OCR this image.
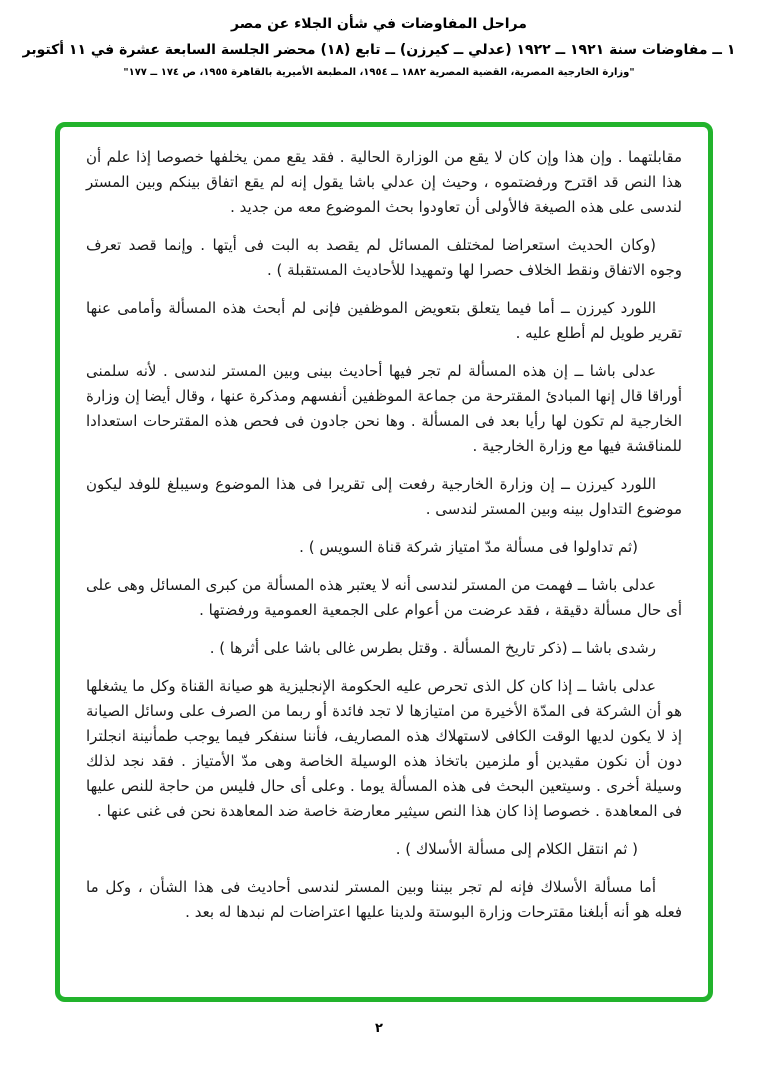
مراحل المفاوضات في شأن الجلاء عن مصر
١ ــ مفاوضات سنة ١٩٢١ ــ ١٩٢٢ (عدلي ــ كيرزن) ــ تابع (١٨) محضر الجلسة السابعة عشرة في ١١ أكتوبر
"وزارة الخارجية المصرية، القضية المصرية ١٨٨٢ ــ ١٩٥٤، المطبعة الأميرية بالقاهرة ١٩٥٥، ص ١٧٤ ــ ١٧٧"

مقابلتهما . وإن هذا وإن كان لا يقع من الوزارة الحالية . فقد يقع ممن يخلفها خصوصا إذا علم أن هذا النص قد اقترح ورفضتموه ، وحيث إن عدلي باشا يقول إنه لم يقع اتفاق بينكم وبين المستر لندسى على هذه الصيغة فالأولى أن تعاودوا بحث الموضوع معه من جديد .

(وكان الحديث استعراضا لمختلف المسائل لم يقصد به البت فى أيتها . وإنما قصد تعرف وجوه الاتفاق ونقط الخلاف حصرا لها وتمهيدا للأحاديث المستقبلة ) .

اللورد كيرزن ــ أما فيما يتعلق بتعويض الموظفين فإنى لم أبحث هذه المسألة وأمامى عنها تقرير طويل لم أطلع عليه .

عدلى باشا ــ إن هذه المسألة لم تجر فيها أحاديث بينى وبين المستر لندسى . لأنه سلمنى أوراقا قال إنها المبادئ المقترحة من جماعة الموظفين أنفسهم ومذكرة عنها ، وقال أيضا إن وزارة الخارجية لم تكون لها رأيا بعد فى المسألة . وها نحن جادون فى فحص هذه المقترحات استعدادا للمناقشة فيها مع وزارة الخارجية .

اللورد كيرزن ــ إن وزارة الخارجية رفعت إلى تقريرا فى هذا الموضوع وسيبلغ للوفد ليكون موضوع التداول بينه وبين المستر لندسى .

(ثم تداولوا فى مسألة مدّ امتياز شركة قناة السويس ) .

عدلى باشا ــ فهمت من المستر لندسى أنه لا يعتبر هذه المسألة من كبرى المسائل وهى على أى حال مسألة دقيقة ، فقد عرضت من أعوام على الجمعية العمومية ورفضتها .

رشدى باشا ــ (ذكر تاريخ المسألة . وقتل بطرس غالى باشا على أثرها ) .

عدلى باشا ــ إذا كان كل الذى تحرص عليه الحكومة الإنجليزية هو صيانة القناة وكل ما يشغلها هو أن الشركة فى المدّة الأخيرة من امتيازها لا تجد فائدة أو ربما من الصرف على وسائل الصيانة إذ لا يكون لديها الوقت الكافى لاستهلاك هذه المصاريف، فأننا سنفكر فيما يوجب طمأنينة انجلترا دون أن نكون مقيدين أو ملزمين باتخاذ هذه الوسيلة الخاصة وهى مدّ الأمتياز . فقد نجد لذلك وسيلة أخرى . وسيتعين البحث فى هذه المسألة يوما . وعلى أى حال فليس من حاجة للنص عليها فى المعاهدة . خصوصا إذا كان هذا النص سيثير معارضة خاصة ضد المعاهدة نحن فى غنى عنها .

( ثم انتقل الكلام إلى مسألة الأسلاك ) .

أما مسألة الأسلاك فإنه لم تجر بيننا وبين المستر لندسى أحاديث فى هذا الشأن ، وكل ما فعله هو أنه أبلغنا مقترحات وزارة البوستة ولدينا عليها اعتراضات لم نبدها له بعد .

٢
